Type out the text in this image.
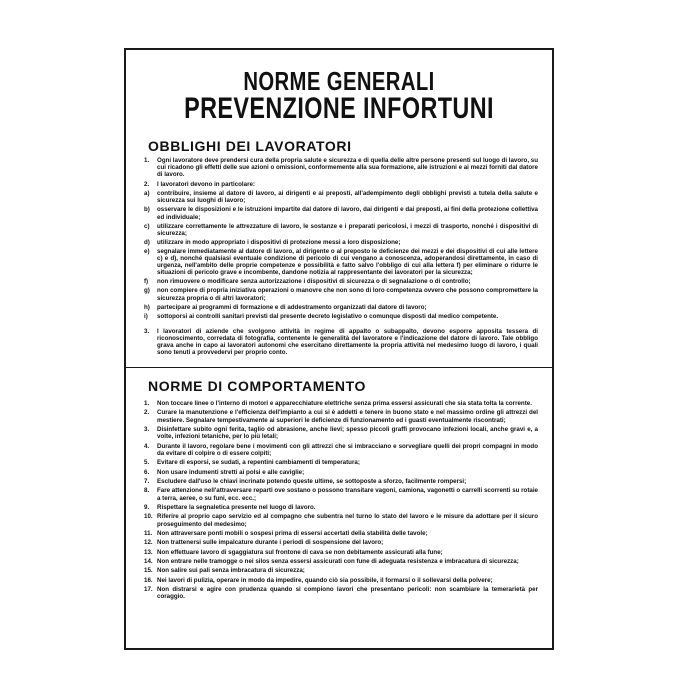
NORME GENERALI
PREVENZIONE INFORTUNI
OBBLIGHI DEI LAVORATORI
1.	Ogni lavoratore deve prendersi cura della propria salute e sicurezza e di quella delle altre persone presenti sul luogo di lavoro, su cui ricadono gli effetti delle sue azioni o omissioni, conformemente alla sua formazione, alle istruzioni e ai mezzi forniti dal datore di lavoro.
2.	I lavoratori devono in particolare:
a)	contribuire, insieme al datore di lavoro, ai dirigenti e ai preposti, all'adempimento degli obblighi previsti a tutela della salute e sicurezza sui luoghi di lavoro;
b)	osservare le disposizioni e le istruzioni impartite dal datore di lavoro, dai dirigenti e dai preposti, ai fini della protezione collettiva ed individuale;
c)	utilizzare correttamente le attrezzature di lavoro, le sostanze e i preparati pericolosi, i mezzi di trasporto, nonché i dispositivi di sicurezza;
d)	utilizzare in modo appropriato i dispositivi di protezione messi a loro disposizione;
e)	segnalare immediatamente al datore di lavoro, al dirigente o al preposto le deficienze dei mezzi e dei dispositivi di cui alle lettere c) e d), nonché qualsiasi eventuale condizione di pericolo di cui vengano a conoscenza, adoperandosi direttamente, in caso di urgenza, nell'ambito delle proprie competenze e possibilità e fatto salvo l'obbligo di cui alla lettera f) per eliminare o ridurre le situazioni di pericolo grave e incombente, dandone notizia al rappresentante dei lavoratori per la sicurezza;
f)	non rimuovere o modificare senza autorizzazione i dispositivi di sicurezza o di segnalazione o di controllo;
g)	non compiere di propria iniziativa operazioni o manovre che non sono di loro competenza ovvero che possono compromettere la sicurezza propria o di altri lavoratori;
h)	partecipare ai programmi di formazione e di addestramento organizzati dal datore di lavoro;
i)	sottoporsi ai controlli sanitari previsti dal presente decreto legislativo o comunque disposti dal medico competente.
3.	I lavoratori di aziende che svolgono attività in regime di appalto o subappalto, devono esporre apposita tessera di riconoscimento, corredata di fotografia, contenente le generalità del lavoratore e l'indicazione del datore di lavoro. Tale obbligo grava anche in capo ai lavoratori autonomi che esercitano direttamente la propria attività nel medesimo luogo di lavoro, i quali sono tenuti a provvedervi per proprio conto.
NORME DI COMPORTAMENTO
1.	Non toccare linee o l'interno di motori e apparecchiature elettriche senza prima essersi assicurati che sia stata tolta la corrente.
2.	Curare la manutenzione e l'efficienza dell'impianto a cui si è addetti e tenere in buono stato e nel massimo ordine gli attrezzi del mestiere. Segnalare tempestivamente ai superiori le deficienze di funzionamento ed i guasti eventualmente riscontrati;
3.	Disinfettare subito ogni ferita, taglio od abrasione, anche lievi; spesso piccoli graffi provocano infezioni locali, anche gravi e, a volte, infezioni tetaniche, per lo più letali;
4.	Durante il lavoro, regolare bene i movimenti con gli attrezzi che si imbracciano e sorvegliare quelli dei propri compagni in modo da evitare di colpire o di essere colpiti;
5.	Evitare di esporsi, se sudati, a repentini cambiamenti di temperatura;
6.	Non usare indumenti stretti ai polsi e alle caviglie;
7.	Escludere dall'uso le chiavi incrinate potendo queste ultime, se sottoposte a sforzo, facilmente rompersi;
8.	Fare attenzione nell'attraversare reparti ove sostano o possono transitare vagoni, camiona, vagonetti o carrelli scorrenti su rotaie a terra, aeree, o su funi, ecc. ecc.;
9.	Rispettare la segnaletica presente nel luogo di lavoro.
10. Riferire al proprio capo servizio ed al compagno che subentra nel turno lo stato del lavoro e le misure da adottare per il sicuro proseguimento del medesimo;
11. Non attraversare ponti mobili o sospesi prima di essersi accertati della stabilità delle tavole;
12. Non trattenersi sulle impalcature durante i periodi di sospensione del lavoro;
13. Non effettuare lavoro di sgaggiatura sul frontone di cava se non debitamente assicurati alla fune;
14. Non entrare nelle tramogge o nei silos senza essersi assicurati con fune di adeguata resistenza e imbracatura di sicurezza;
15. Non salire sui pali senza imbracatura di sicurezza;
16. Nei lavori di pulizia, operare in modo da impedire, quando ciò sia possibile, il formarsi o il sollevarsi della polvere;
17. Non distrarsi e agire con prudenza quando si compiono lavori che presentano pericoli: non scambiare la temerarietà per coraggio.
